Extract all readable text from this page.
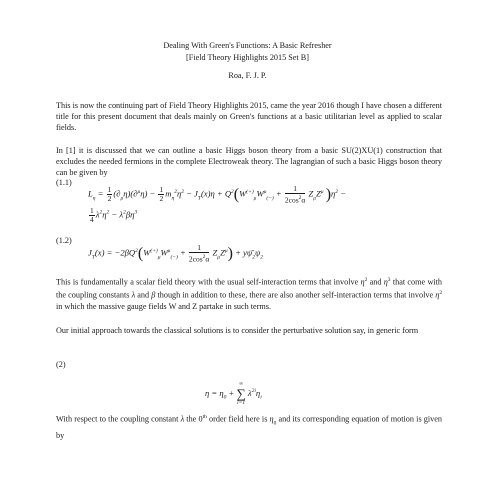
Dealing With Green's Functions: A Basic Refresher
[Field Theory Highlights 2015 Set B]
Roa, F. J. P.
This is now the continuing part of Field Theory Highlights 2015, came the year 2016 though I have chosen a different title for this present document that deals mainly on Green's functions at a basic utilitarian level as applied to scalar fields.
In [1] it is discussed that we can outline a basic Higgs boson theory from a basic SU(2)XU(1) construction that excludes the needed fermions in the complete Electroweak theory. The lagrangian of such a basic Higgs boson theory can be given by
(1.1)
$L_\eta = \frac{1}{2} (\partial_\mu\eta)(\partial^\mu\eta) - \frac{1}{2} m_\eta^2\eta^2 - J_T(x)\eta + Q^2(W^{(+)}_\mu W^\mu_{(-)} + \frac{1}{2\cos^2\alpha} Z_\mu Z^\mu$ )$\eta^2$ −
$\frac{1}{4} \lambda^2\eta^2 - \lambda^2\beta\eta^3$
(1.2)
$J_T(x) = -2\beta Q^2(W^{(+)}_\mu W^\mu_{(-)} + \frac{1}{2\cos^2\alpha} Z_\mu Z^\mu)$ + $y\psī_2\psi_2$
This is fundamentally a scalar field theory with the usual self-interaction terms that involve $\eta^2$ and $\eta^3$ that come with the coupling constants λ and β though in addition to these, there are also another self-interaction terms that involve $\eta^2$ in which the massive gauge fields W and Z partake in such terms.
Our initial approach towards the classical solutions is to consider the perturbative solution say, in generic form
(2)
$\eta = \eta_0$ +
∞
∑
i=1
$\lambda^{2i}\eta_i$
With respect to the coupling constant λ the 0th order field here is $\eta_0$ and its corresponding equation of motion is given by
